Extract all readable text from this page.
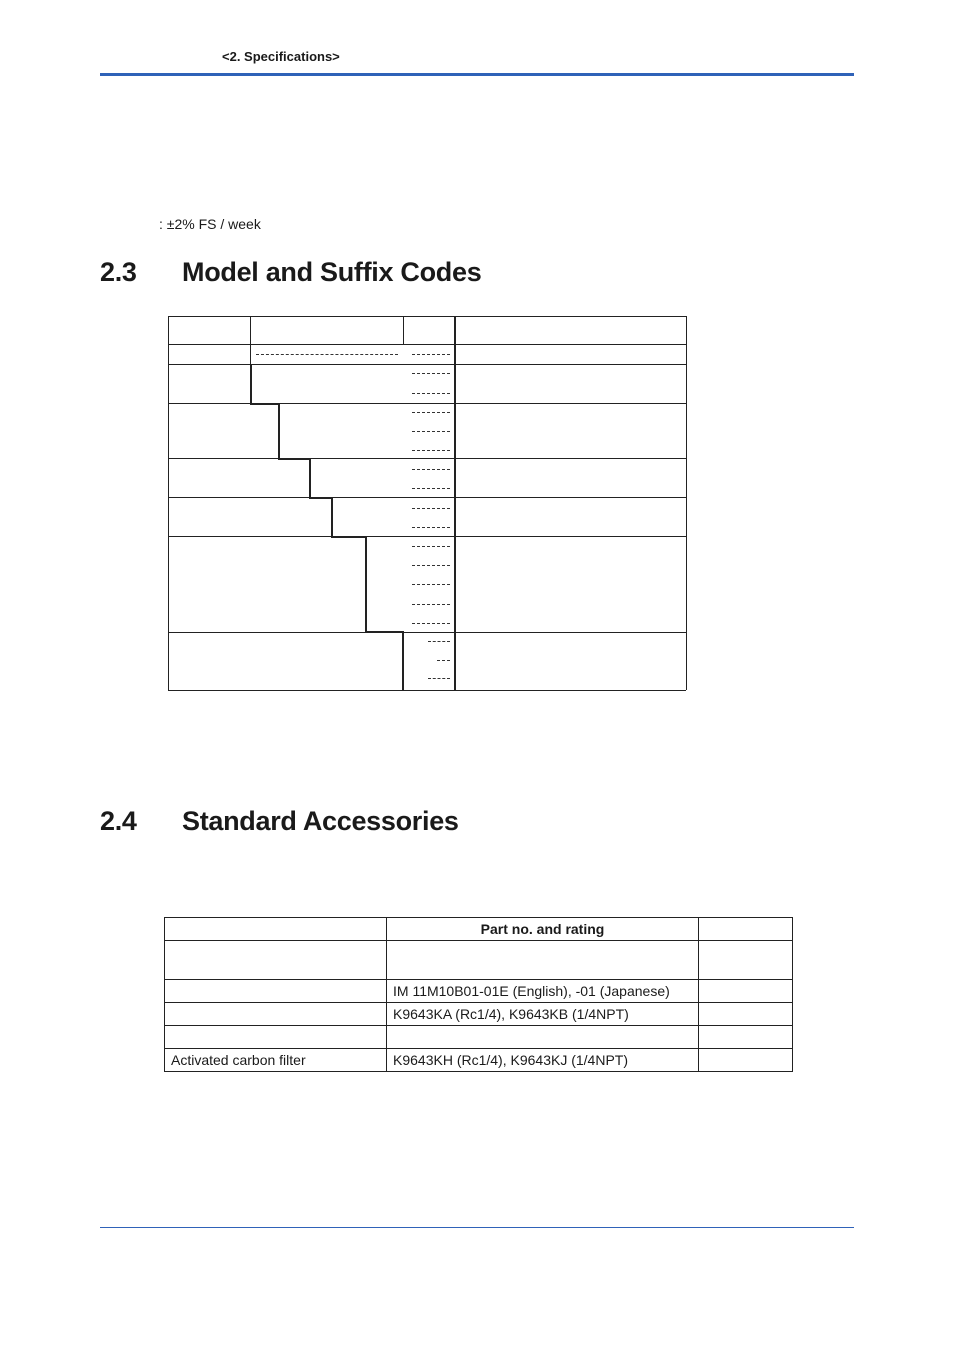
<2. Specifications>
: ±2% FS / week
2.3 Model and Suffix Codes
2.4 Standard Accessories
	Part no. and rating	

	IM 11M10B01-01E (English), -01 (Japanese)	
	K9643KA (Rc1/4), K9643KB (1/4NPT)	

Activated carbon filter	K9643KH (Rc1/4), K9643KJ (1/4NPT)	
